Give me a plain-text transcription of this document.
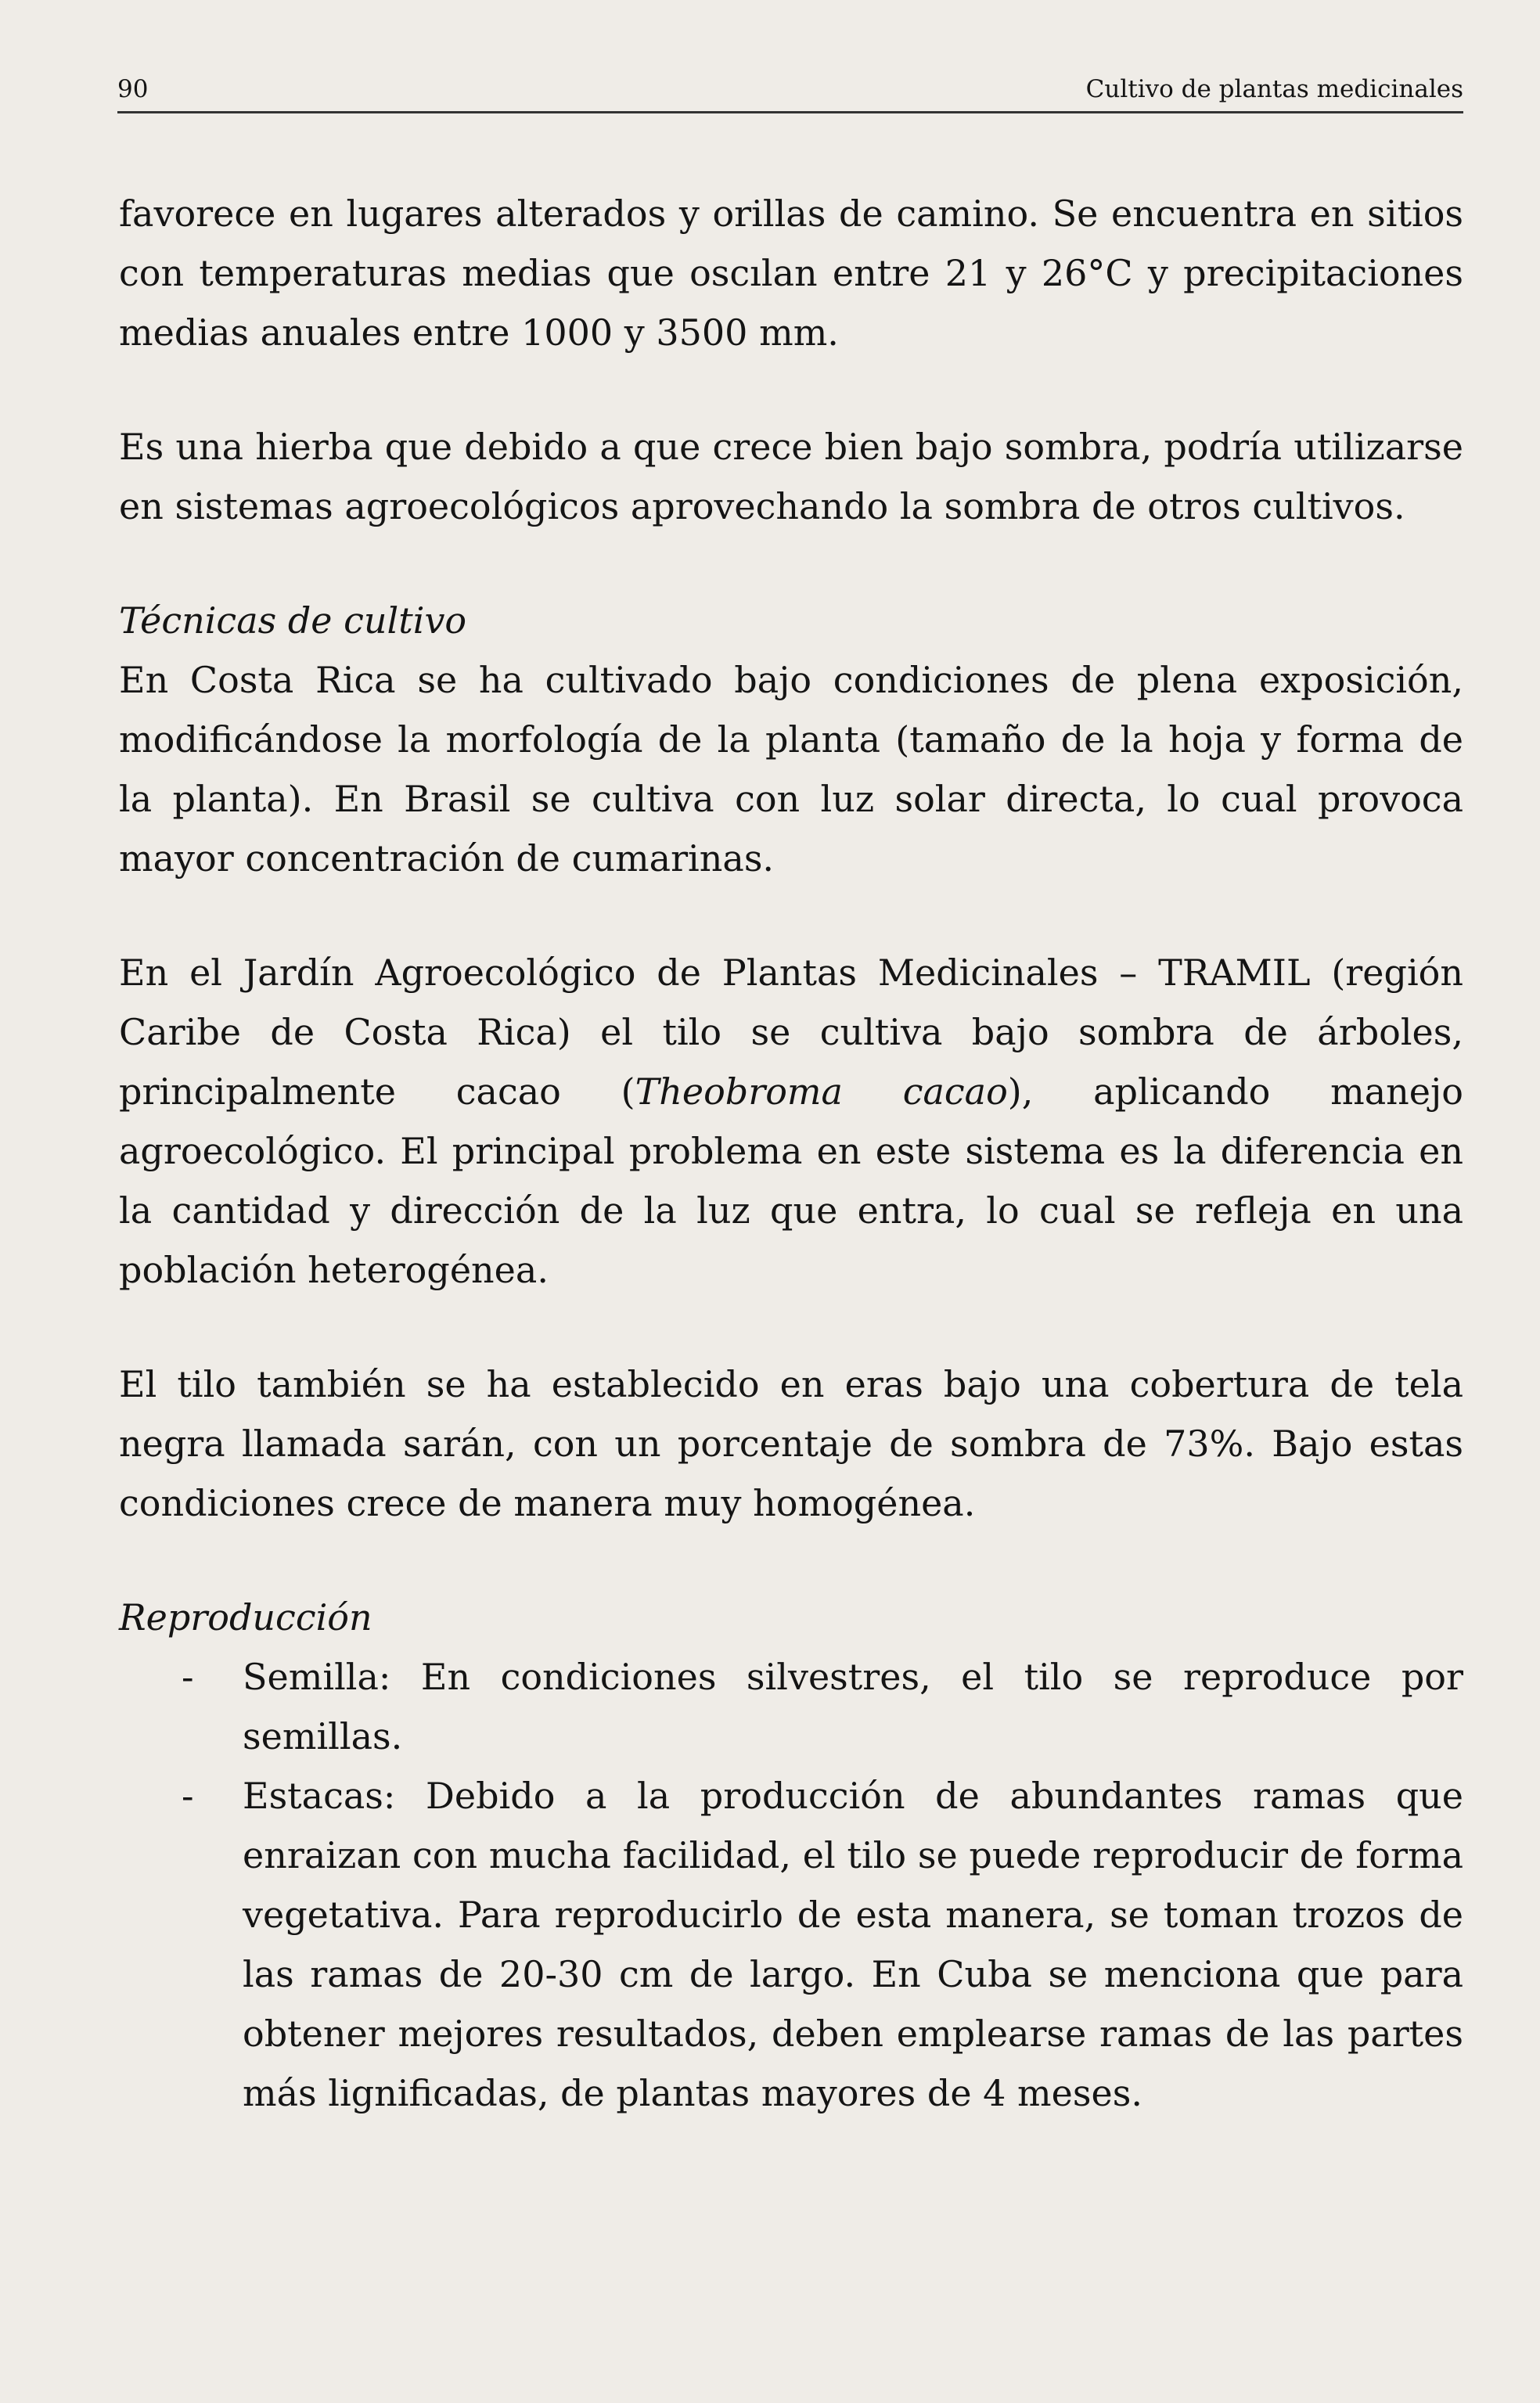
90	Cultivo de plantas medicinales

favorece en lugares alterados y orillas de camino. Se encuentra en sitios con temperaturas medias que oscılan entre 21 y 26°C y precipitaciones medias anuales entre 1000 y 3500 mm.

Es una hierba que debido a que crece bien bajo sombra, podría utilizarse en sistemas agroecológicos aprovechando la sombra de otros cultivos.

Técnicas de cultivo

En Costa Rica se ha cultivado bajo condiciones de plena exposición, modificándose la morfología de la planta (tamaño de la hoja y forma de la planta). En Brasil se cultiva con luz solar directa, lo cual provoca mayor concentración de cumarinas.

En el Jardín Agroecológico de Plantas Medicinales – TRAMIL (región Caribe de Costa Rica) el tilo se cultiva bajo sombra de árboles, principalmente cacao (Theobroma cacao), aplicando manejo agroecológico. El principal problema en este sistema es la diferencia en la cantidad y dirección de la luz que entra, lo cual se refleja en una población heterogénea.

El tilo también se ha establecido en eras bajo una cobertura de tela negra llamada sarán, con un porcentaje de sombra de 73%. Bajo estas condiciones crece de manera muy homogénea.

Reproducción
- Semilla: En condiciones silvestres, el tilo se reproduce por semillas.
- Estacas: Debido a la producción de abundantes ramas que enraizan con mucha facilidad, el tilo se puede reproducir de forma vegetativa. Para reproducirlo de esta manera, se toman trozos de las ramas de 20-30 cm de largo. En Cuba se menciona que para obtener mejores resultados, deben emplearse ramas de las partes más lignificadas, de plantas mayores de 4 meses.
